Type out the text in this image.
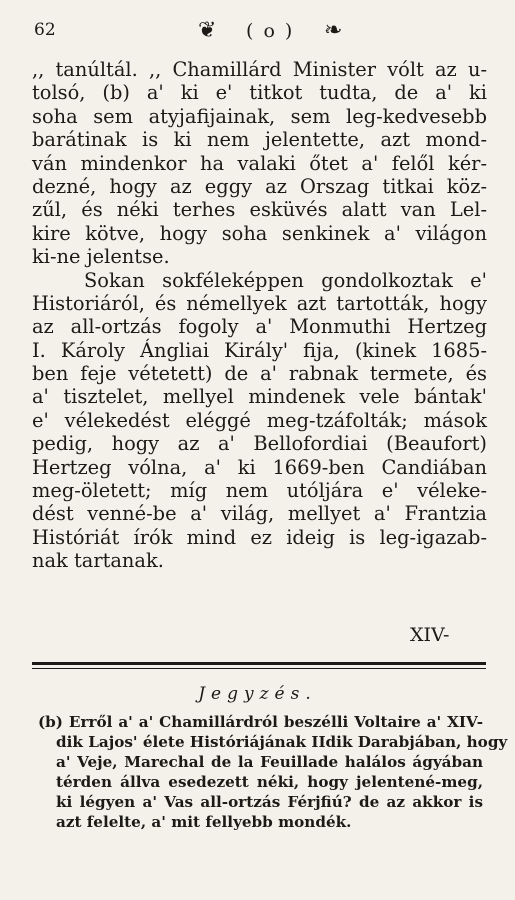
62	❦ ( o ) ❧
,, tanúltál. ,, Chamillárd Minister vólt az u-
tolsó, (b) a' ki e' titkot tudta, de a' ki
soha sem atyjafijainak, sem leg-kedvesebb
barátinak is ki nem jelentette, azt mond-
ván mindenkor ha valaki őtet a' felől kér-
dezné, hogy az eggy az Orszag titkai köz-
zűl, és néki terhes esküvés alatt van Lel-
kire kötve, hogy soha senkinek a' világon
ki-ne jelentse.
Sokan sokféleképpen gondolkoztak e'
Historiáról, és némellyek azt tartották, hogy
az all-ortzás fogoly a' Monmuthi Hertzeg
I. Károly Ángliai Király' fija, (kinek 1685-
ben feje vétetett) de a' rabnak termete, és
a' tisztelet, mellyel mindenek vele bántak'
e' vélekedést eléggé meg-tzáfolták; mások
pedig, hogy az a' Bellofordiai (Beaufort)
Hertzeg vólna, a' ki 1669-ben Candiában
meg-öletett; míg nem utóljára e' véleke-
dést venné-be a' világ, mellyet a' Frantzia
Históriát írók mind ez ideig is leg-igazab-
nak tartanak.
XIV-
Jegyzés.
(b) Erről a' a' Chamillárdról beszélli Voltaire a' XIV-
dik Lajos' élete Históriájának IIdik Darabjában, hogy
a' Veje, Marechal de la Feuillade halálos ágyában
térden állva esedezett néki, hogy jelentené-meg,
ki légyen a' Vas all-ortzás Férjfiú? de az akkor is
azt felelte, a' mit fellyebb mondék.
